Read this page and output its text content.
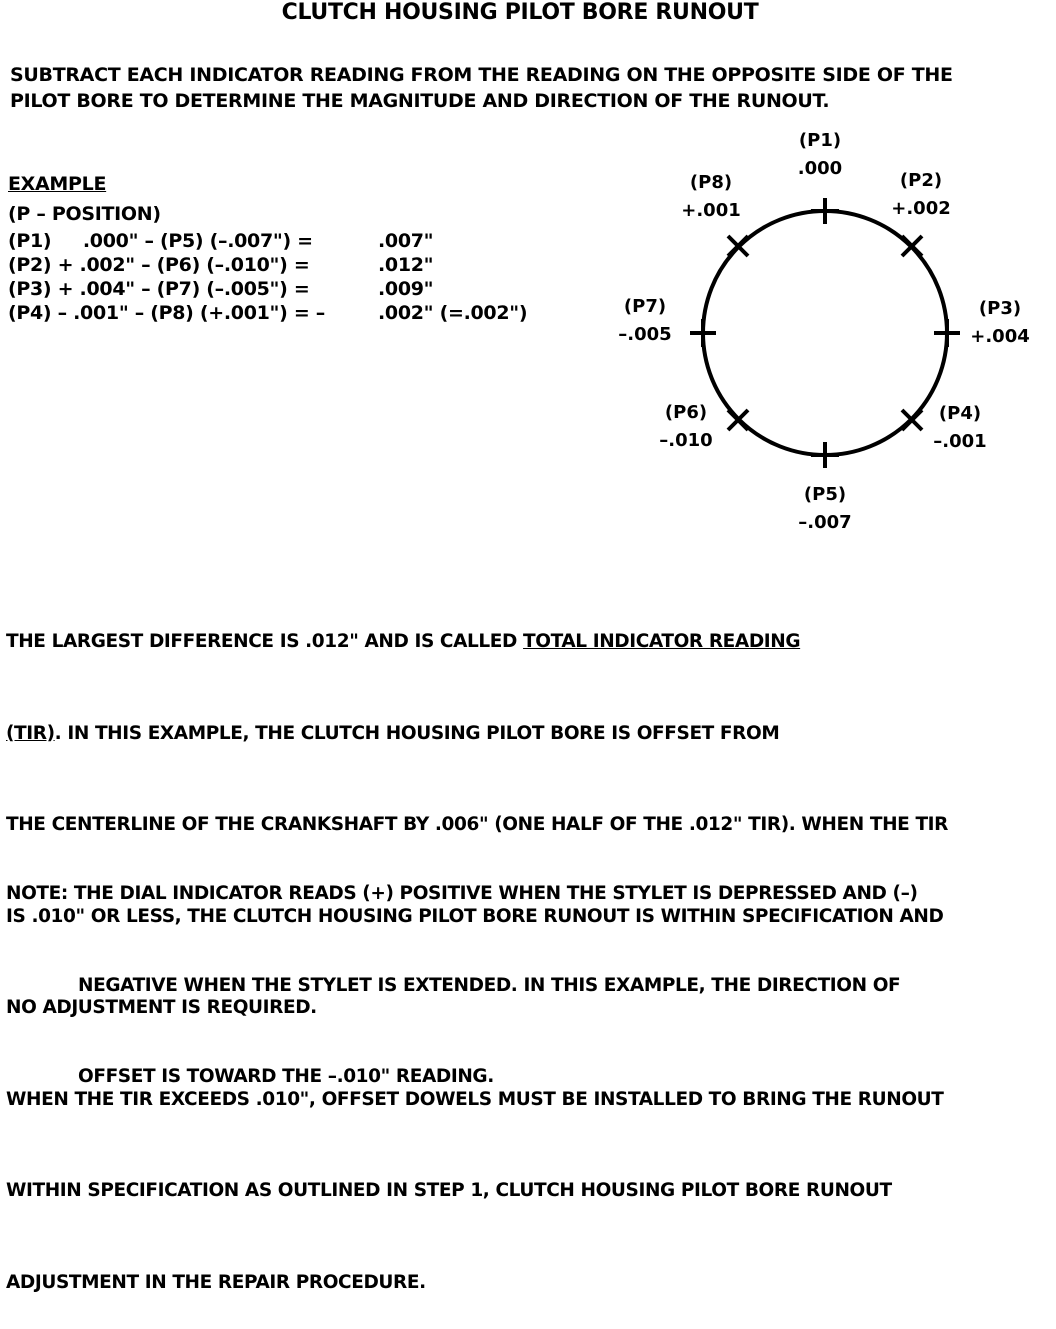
CLUTCH HOUSING PILOT BORE RUNOUT
SUBTRACT EACH INDICATOR READING FROM THE READING ON THE OPPOSITE SIDE OF THE
PILOT BORE TO DETERMINE THE MAGNITUDE AND DIRECTION OF THE RUNOUT.
EXAMPLE
(P – POSITION)

(P1)     .000" – (P5) (–.007") =

	.007"

(P2) + .002" – (P6) (–.010") =

	.012"

(P3) + .004" – (P7) (–.005") =

	.009"

(P4) – .001" – (P8) (+.001") = –

	.002" (=.002")

(P1)
.000
(P2)
+.002
(P3)
+.004
(P4)
–.001
(P5)
–.007
(P6)
–.010
(P7)
–.005
(P8)
+.001

THE LARGEST DIFFERENCE IS .012" AND IS CALLED TOTAL INDICATOR READING

(TIR). IN THIS EXAMPLE, THE CLUTCH HOUSING PILOT BORE IS OFFSET FROM

THE CENTERLINE OF THE CRANKSHAFT BY .006" (ONE HALF OF THE .012" TIR). WHEN THE TIR

IS .010" OR LESS, THE CLUTCH HOUSING PILOT BORE RUNOUT IS WITHIN SPECIFICATION AND

NO ADJUSTMENT IS REQUIRED.

WHEN THE TIR EXCEEDS .010", OFFSET DOWELS MUST BE INSTALLED TO BRING THE RUNOUT

WITHIN SPECIFICATION AS OUTLINED IN STEP 1, CLUTCH HOUSING PILOT BORE RUNOUT

ADJUSTMENT IN THE REPAIR PROCEDURE.

NOTE: THE DIAL INDICATOR READS (+) POSITIVE WHEN THE STYLET IS DEPRESSED AND (–)

NEGATIVE WHEN THE STYLET IS EXTENDED. IN THIS EXAMPLE, THE DIRECTION OF

OFFSET IS TOWARD THE –.010" READING.
